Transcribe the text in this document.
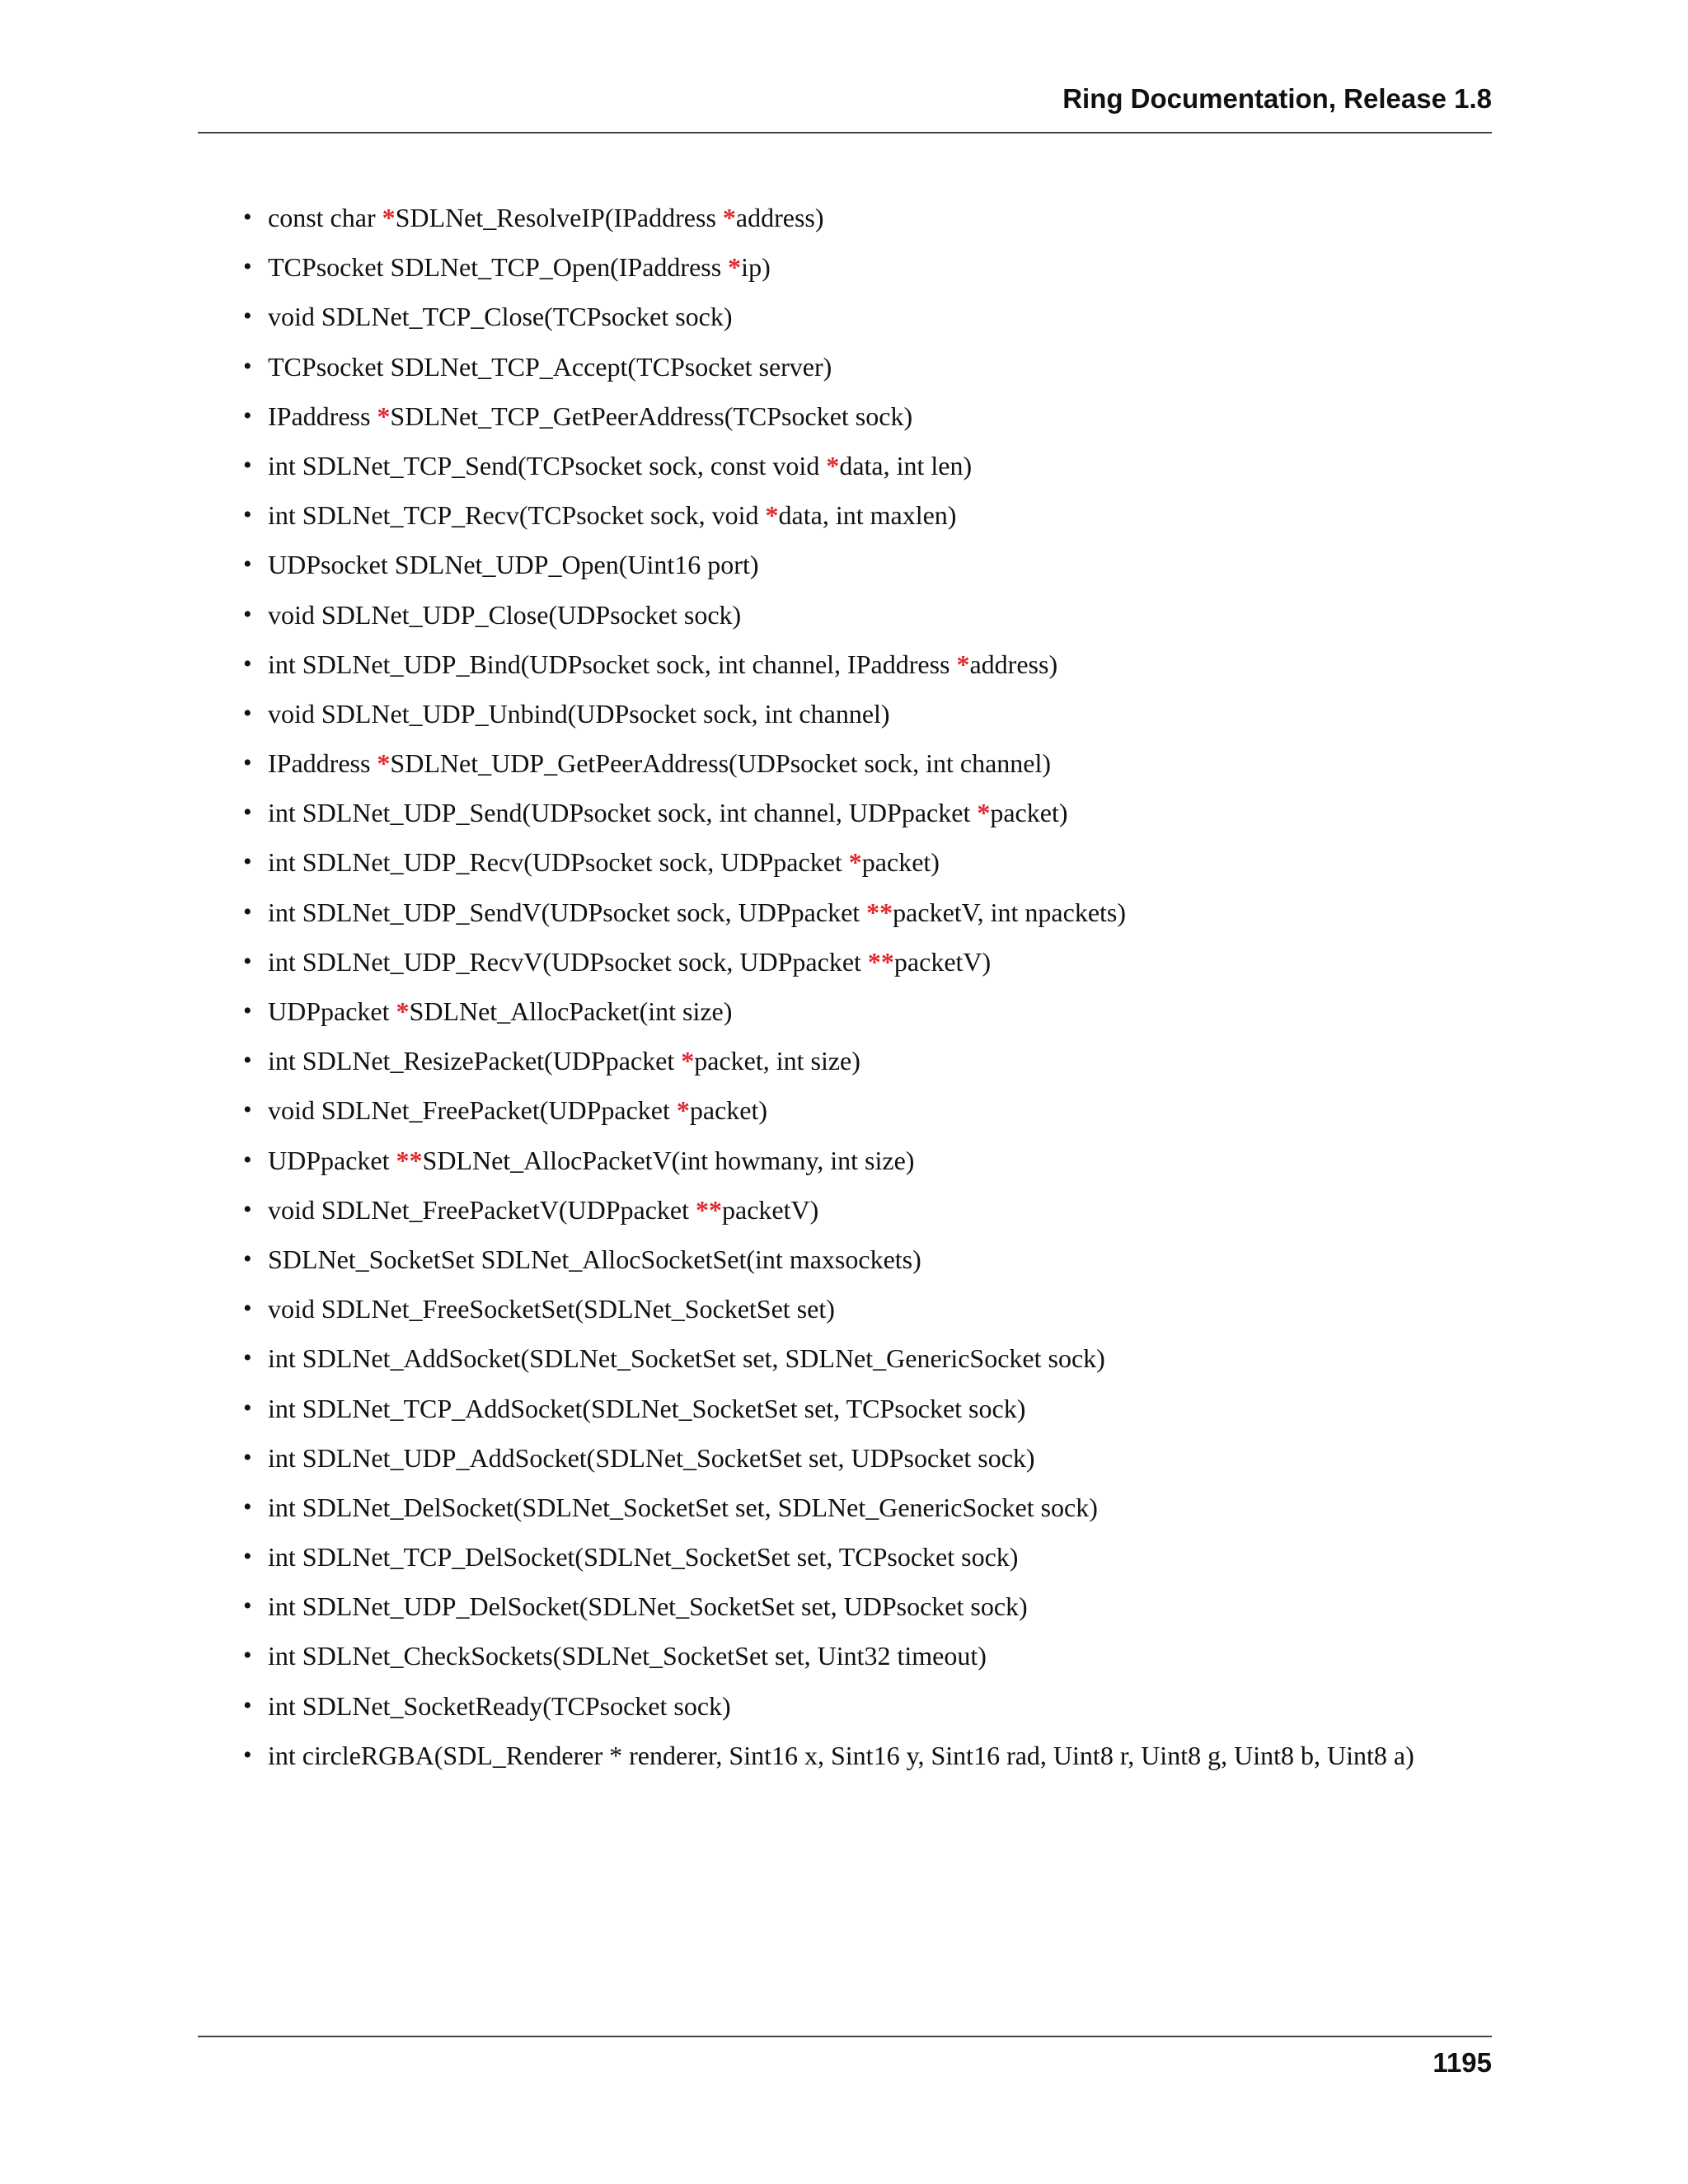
Ring Documentation, Release 1.8
• const char *SDLNet_ResolveIP(IPaddress *address)
• TCPsocket SDLNet_TCP_Open(IPaddress *ip)
• void SDLNet_TCP_Close(TCPsocket sock)
• TCPsocket SDLNet_TCP_Accept(TCPsocket server)
• IPaddress *SDLNet_TCP_GetPeerAddress(TCPsocket sock)
• int SDLNet_TCP_Send(TCPsocket sock, const void *data, int len)
• int SDLNet_TCP_Recv(TCPsocket sock, void *data, int maxlen)
• UDPsocket SDLNet_UDP_Open(Uint16 port)
• void SDLNet_UDP_Close(UDPsocket sock)
• int SDLNet_UDP_Bind(UDPsocket sock, int channel, IPaddress *address)
• void SDLNet_UDP_Unbind(UDPsocket sock, int channel)
• IPaddress *SDLNet_UDP_GetPeerAddress(UDPsocket sock, int channel)
• int SDLNet_UDP_Send(UDPsocket sock, int channel, UDPpacket *packet)
• int SDLNet_UDP_Recv(UDPsocket sock, UDPpacket *packet)
• int SDLNet_UDP_SendV(UDPsocket sock, UDPpacket **packetV, int npackets)
• int SDLNet_UDP_RecvV(UDPsocket sock, UDPpacket **packetV)
• UDPpacket *SDLNet_AllocPacket(int size)
• int SDLNet_ResizePacket(UDPpacket *packet, int size)
• void SDLNet_FreePacket(UDPpacket *packet)
• UDPpacket **SDLNet_AllocPacketV(int howmany, int size)
• void SDLNet_FreePacketV(UDPpacket **packetV)
• SDLNet_SocketSet SDLNet_AllocSocketSet(int maxsockets)
• void SDLNet_FreeSocketSet(SDLNet_SocketSet set)
• int SDLNet_AddSocket(SDLNet_SocketSet set, SDLNet_GenericSocket sock)
• int SDLNet_TCP_AddSocket(SDLNet_SocketSet set, TCPsocket sock)
• int SDLNet_UDP_AddSocket(SDLNet_SocketSet set, UDPsocket sock)
• int SDLNet_DelSocket(SDLNet_SocketSet set, SDLNet_GenericSocket sock)
• int SDLNet_TCP_DelSocket(SDLNet_SocketSet set, TCPsocket sock)
• int SDLNet_UDP_DelSocket(SDLNet_SocketSet set, UDPsocket sock)
• int SDLNet_CheckSockets(SDLNet_SocketSet set, Uint32 timeout)
• int SDLNet_SocketReady(TCPsocket sock)
• int circleRGBA(SDL_Renderer * renderer, Sint16 x, Sint16 y, Sint16 rad, Uint8 r, Uint8 g, Uint8 b, Uint8 a)
1195
